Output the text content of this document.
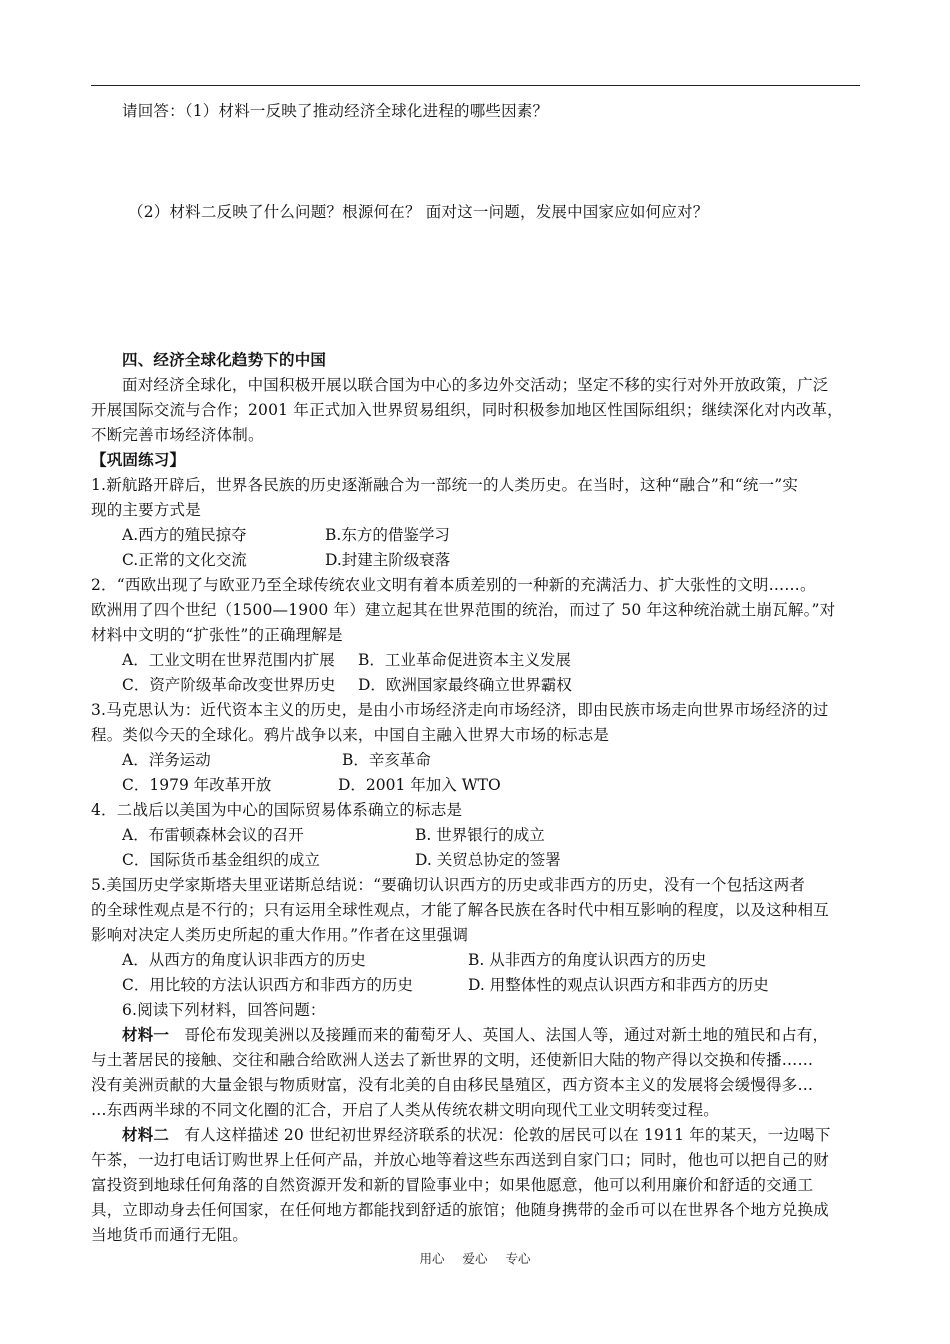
请回答：（1）材料一反映了推动经济全球化进程的哪些因素？
（2）材料二反映了什么问题？根源何在？ 面对这一问题，发展中国家应如何应对？
四、经济全球化趋势下的中国
面对经济全球化，中国积极开展以联合国为中心的多边外交活动；坚定不移的实行对外开放政策，广泛
开展国际交流与合作；2001 年正式加入世界贸易组织，同时积极参加地区性国际组织；继续深化对内改革，
不断完善市场经济体制。
【巩固练习】
1.新航路开辟后，世界各民族的历史逐渐融合为一部统一的人类历史。在当时，这种“融合”和“统一”实
现的主要方式是
A.西方的殖民掠夺	B.东方的借鉴学习
C.正常的文化交流	D.封建主阶级衰落
2．“西欧出现了与欧亚乃至全球传统农业文明有着本质差别的一种新的充满活力、扩大张性的文明……。
欧洲用了四个世纪（1500—1900 年）建立起其在世界范围的统治，而过了 50 年这种统治就土崩瓦解。”对
材料中文明的“扩张性”的正确理解是
A．工业文明在世界范围内扩展 B．工业革命促进资本主义发展
C．资产阶级革命改变世界历史 D．欧洲国家最终确立世界霸权
3.马克思认为：近代资本主义的历史，是由小市场经济走向市场经济，即由民族市场走向世界市场经济的过
程。类似今天的全球化。鸦片战争以来，中国自主融入世界大市场的标志是
A．洋务运动	B．辛亥革命
C．1979 年改革开放	D．2001 年加入 WTO
4．二战后以美国为中心的国际贸易体系确立的标志是
A．布雷顿森林会议的召开	B. 世界银行的成立
C．国际货币基金组织的成立	D. 关贸总协定的签署
5.美国历史学家斯塔夫里亚诺斯总结说：“要确切认识西方的历史或非西方的历史，没有一个包括这两者
的全球性观点是不行的；只有运用全球性观点，才能了解各民族在各时代中相互影响的程度，以及这种相互
影响对决定人类历史所起的重大作用。”作者在这里强调
A．从西方的角度认识非西方的历史	B. 从非西方的角度认识西方的历史
C．用比较的方法认识西方和非西方的历史	D. 用整体性的观点认识西方和非西方的历史
6.阅读下列材料，回答问题：
材料一 哥伦布发现美洲以及接踵而来的葡萄牙人、英国人、法国人等，通过对新土地的殖民和占有，
与土著居民的接触、交往和融合给欧洲人送去了新世界的文明，还使新旧大陆的物产得以交换和传播……
没有美洲贡献的大量金银与物质财富，没有北美的自由移民垦殖区，西方资本主义的发展将会缓慢得多…
…东西两半球的不同文化圈的汇合，开启了人类从传统农耕文明向现代工业文明转变过程。
材料二 有人这样描述 20 世纪初世界经济联系的状况：伦敦的居民可以在 1911 年的某天，一边喝下
午茶，一边打电话订购世界上任何产品，并放心地等着这些东西送到自家门口；同时，他也可以把自己的财
富投资到地球任何角落的自然资源开发和新的冒险事业中；如果他愿意，他可以利用廉价和舒适的交通工
具，立即动身去任何国家，在任何地方都能找到舒适的旅馆；他随身携带的金币可以在世界各个地方兑换成
当地货币而通行无阻。
用心 爱心 专心
